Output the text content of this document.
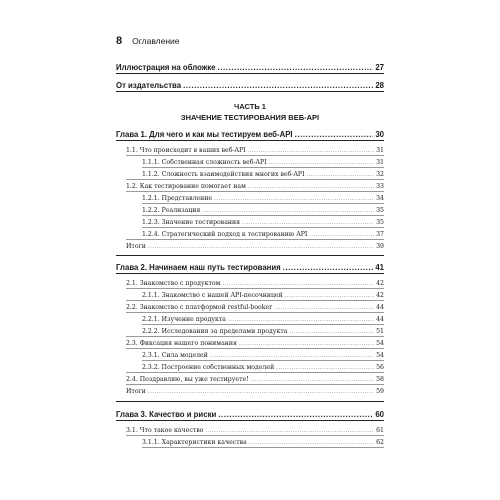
8 Оглавление
Иллюстрация на обложке .....	27
От издательства .....	28
ЧАСТЬ 1
ЗНАЧЕНИЕ ТЕСТИРОВАНИЯ ВЕБ-API
Глава 1. Для чего и как мы тестируем веб-API .....	30
1.1. Что происходит в ваших веб-API .....	31
1.1.1. Собственная сложность веб-API .....	31
1.1.2. Сложность взаимодействия многих веб-API .....	32
1.2. Как тестирование помогает нам .....	33
1.2.1. Представление .....	34
1.2.2. Реализация .....	35
1.2.3. Значение тестирования .....	35
1.2.4. Стратегический подход к тестированию API .....	37
Итоги .....	39
Глава 2. Начинаем наш путь тестирования .....	41
2.1. Знакомство с продуктом .....	42
2.1.1. Знакомство с нашей API-песочницей .....	42
2.2. Знакомство с платформой restful-booker .....	44
2.2.1. Изучение продукта .....	44
2.2.2. Исследования за пределами продукта .....	51
2.3. Фиксация нашего понимания .....	54
2.3.1. Сила моделей .....	54
2.3.2. Построение собственных моделей .....	56
2.4. Поздравляю, вы уже тестируете! .....	58
Итоги .....	59
Глава 3. Качество и риски .....	60
3.1. Что такое качество .....	61
3.1.1. Характеристики качества .....	62
